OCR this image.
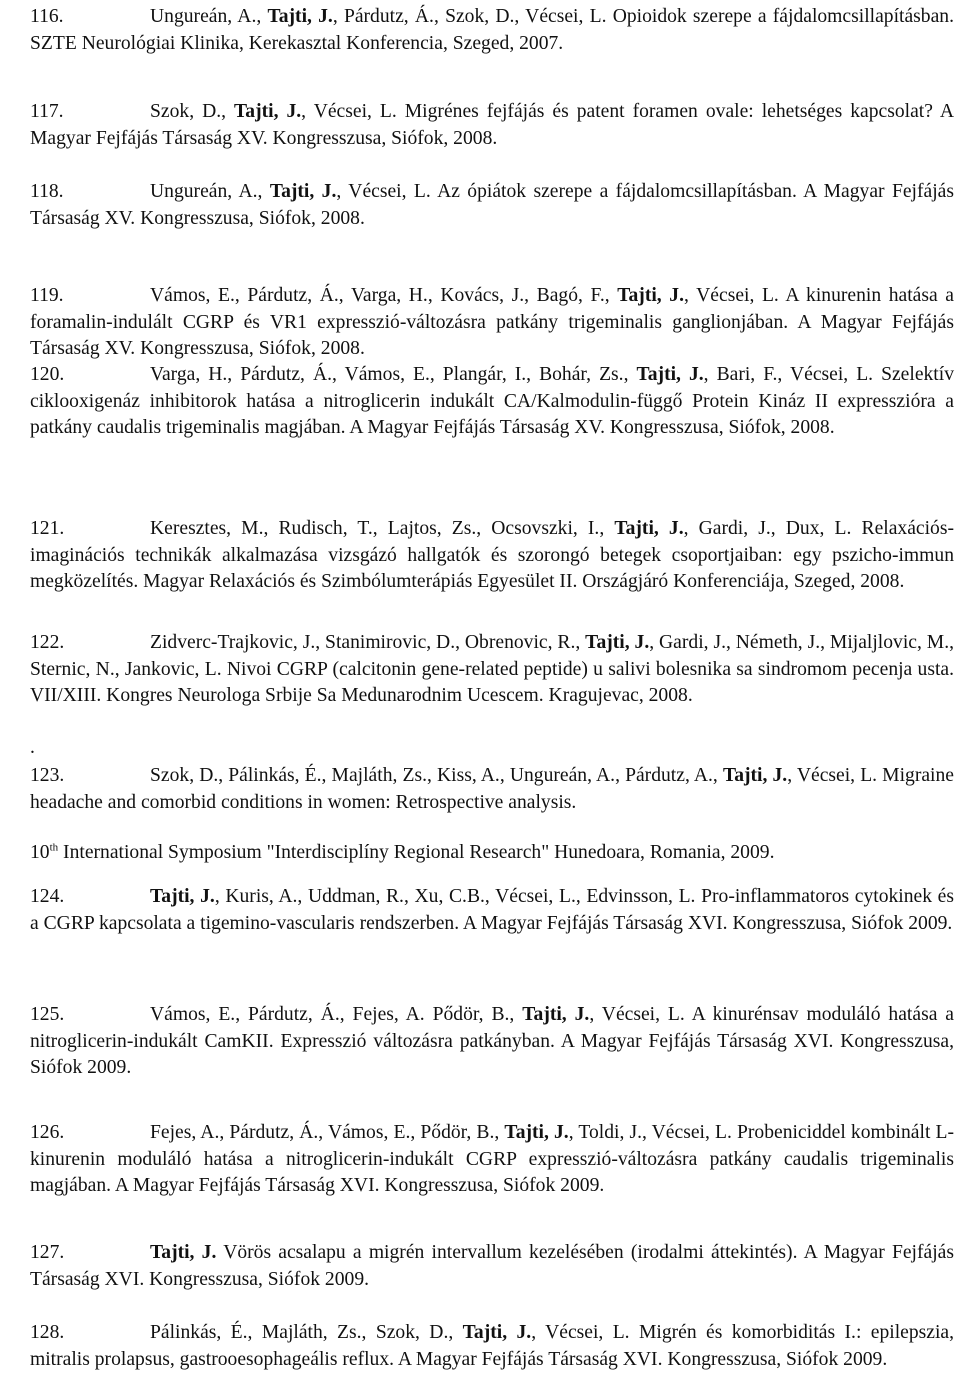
116.	Ungureán, A., Tajti, J., Párdutz, Á., Szok, D., Vécsei, L. Opioidok szerepe a fájdalomcsillapításban. SZTE Neurológiai Klinika, Kerekasztal Konferencia, Szeged, 2007.
117.	Szok, D., Tajti, J., Vécsei, L. Migrénes fejfájás és patent foramen ovale: lehetséges kapcsolat? A Magyar Fejfájás Társaság XV. Kongresszusa, Siófok, 2008.
118.	Ungureán, A., Tajti, J., Vécsei, L. Az ópiátok szerepe a fájdalomcsillapításban. A Magyar Fejfájás Társaság XV. Kongresszusa, Siófok, 2008.
119.	Vámos, E., Párdutz, Á., Varga, H., Kovács, J., Bagó, F., Tajti, J., Vécsei, L. A kinurenin hatása a foramalin-indulált CGRP és VR1 expresszió-változásra patkány trigeminalis ganglionjában. A Magyar Fejfájás Társaság XV. Kongresszusa, Siófok, 2008.
120.	Varga, H., Párdutz, Á., Vámos, E., Plangár, I., Bohár, Zs., Tajti, J., Bari, F., Vécsei, L. Szelektív ciklooxigenáz inhibitorok hatása a nitroglicerin indukált CA/Kalmodulin-függő Protein Kináz II expresszióra a patkány caudalis trigeminalis magjában. A Magyar Fejfájás Társaság XV. Kongresszusa, Siófok, 2008.
121.	Keresztes, M., Rudisch, T., Lajtos, Zs., Ocsovszki, I., Tajti, J., Gardi, J., Dux, L. Relaxációs-imaginációs technikák alkalmazása vizsgázó hallgatók és szorongó betegek csoportjaiban: egy pszicho-immun megközelítés. Magyar Relaxációs és Szimbólumterápiás Egyesület II. Országjáró Konferenciája, Szeged, 2008.
122.	Zidverc-Trajkovic, J., Stanimirovic, D., Obrenovic, R., Tajti, J., Gardi, J., Németh, J., Mijaljlovic, M., Sternic, N., Jankovic, L. Nivoi CGRP (calcitonin gene-related peptide) u salivi bolesnika sa sindromom pecenja usta. VII/XIII. Kongres Neurologa Srbije Sa Medunarodnim Ucescem. Kragujevac, 2008.
123.	Szok, D., Pálinkás, É., Majláth, Zs., Kiss, A., Ungureán, A., Párdutz, A., Tajti, J., Vécsei, L. Migraine headache and comorbid conditions in women: Retrospective analysis.
124.	Tajti, J., Kuris, A., Uddman, R., Xu, C.B., Vécsei, L., Edvinsson, L. Pro-inflammatoros cytokinek és a CGRP kapcsolata a tigemino-vascularis rendszerben. A Magyar Fejfájás Társaság XVI. Kongresszusa, Siófok 2009.
125.	Vámos, E., Párdutz, Á., Fejes, A. Pődör, B., Tajti, J., Vécsei, L. A kinurénsav moduláló hatása a nitroglicerin-indukált CamKII. Expresszió változásra patkányban. A Magyar Fejfájás Társaság XVI. Kongresszusa, Siófok 2009.
126.	Fejes, A., Párdutz, Á., Vámos, E., Pődör, B., Tajti, J., Toldi, J., Vécsei, L. Probeniciddel kombinált L-kinurenin moduláló hatása a nitroglicerin-indukált CGRP expresszió-változásra patkány caudalis trigeminalis magjában. A Magyar Fejfájás Társaság XVI. Kongresszusa, Siófok 2009.
127.	Tajti, J. Vörös acsalapu a migrén intervallum kezelésében (irodalmi áttekintés). A Magyar Fejfájás Társaság XVI. Kongresszusa, Siófok 2009.
128.	Pálinkás, É., Majláth, Zs., Szok, D., Tajti, J., Vécsei, L. Migrén és komorbiditás I.: epilepszia, mitralis prolapsus, gastrooesophageális reflux. A Magyar Fejfájás Társaság XVI. Kongresszusa, Siófok 2009.
.
10th International Symposium "Interdisciplíny Regional Research" Hunedoara, Romania, 2009.
